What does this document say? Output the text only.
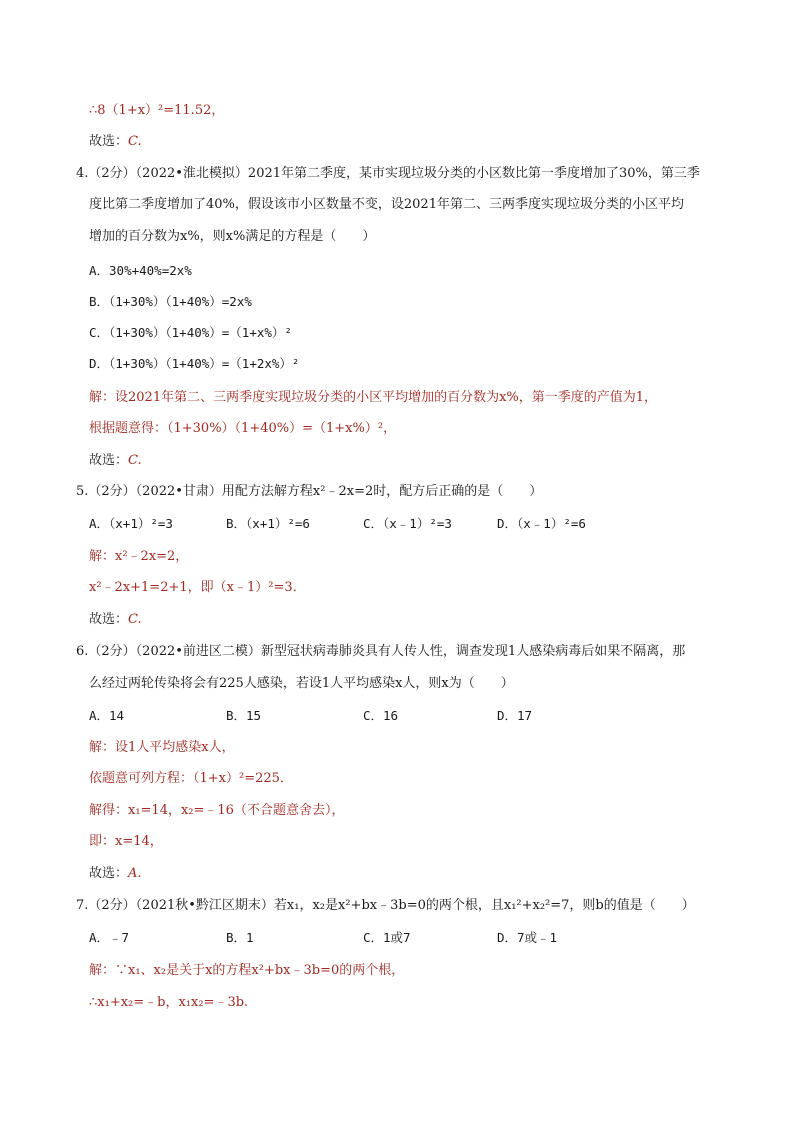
∴8（1+x）²=11.52，
故选：C.
4.（2分）（2022•淮北模拟）2021年第二季度，某市实现垃圾分类的小区数比第一季度增加了30%，第三季
度比第二季度增加了40%，假设该市小区数量不变，设2021年第二、三两季度实现垃圾分类的小区平均
增加的百分数为x%，则x%满足的方程是（　　）
A．30%+40%=2x%
B．（1+30%）（1+40%）=2x%
C．（1+30%）（1+40%）=（1+x%）²
D．（1+30%）（1+40%）=（1+2x%）²
解：设2021年第二、三两季度实现垃圾分类的小区平均增加的百分数为x%，第一季度的产值为1，
根据题意得：（1+30%）（1+40%）=（1+x%）²，
故选：C.
5.（2分）（2022•甘肃）用配方法解方程x²﹣2x=2时，配方后正确的是（　　）
A．（x+1）²=3	B．（x+1）²=6	C．（x﹣1）²=3	D．（x﹣1）²=6
解：x²﹣2x=2，
x²﹣2x+1=2+1，即（x﹣1）²=3．
故选：C.
6.（2分）（2022•前进区二模）新型冠状病毒肺炎具有人传人性，调查发现1人感染病毒后如果不隔离，那
么经过两轮传染将会有225人感染，若设1人平均感染x人，则x为（　　）
A．14	B．15	C．16	D．17
解：设1人平均感染x人，
依题意可列方程：（1+x）²=225．
解得：x₁=14，x₂=﹣16（不合题意舍去），
即：x=14，
故选：A.
7.（2分）（2021秋•黔江区期末）若x₁，x₂是x²+bx﹣3b=0的两个根，且x₁²+x₂²=7，则b的值是（　　）
A．﹣7	B．1	C．1或7	D．7或﹣1
解：∵x₁、x₂是关于x的方程x²+bx﹣3b=0的两个根，
∴x₁+x₂=﹣b，x₁x₂=﹣3b.
